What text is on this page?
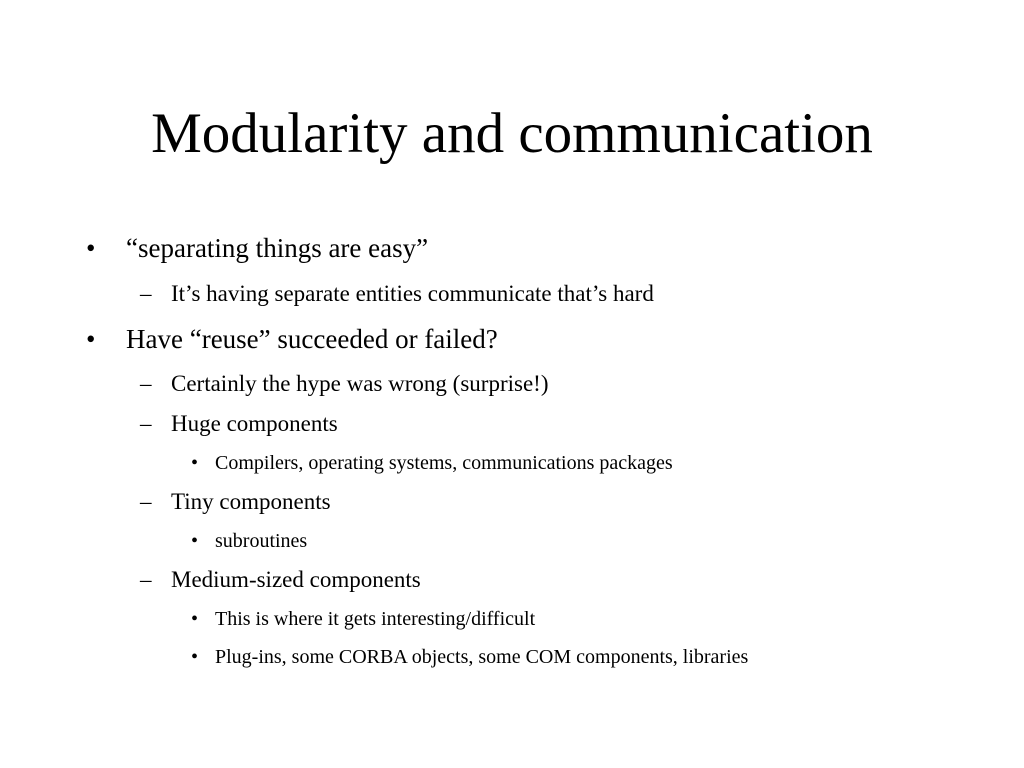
Modularity and communication
• “separating things are easy”
– It’s having separate entities communicate that’s hard
• Have “reuse” succeeded or failed?
– Certainly the hype was wrong (surprise!)
– Huge components
• Compilers, operating systems, communications packages
– Tiny components
• subroutines
– Medium-sized components
• This is where it gets interesting/difficult
• Plug-ins, some CORBA objects, some COM components, libraries
